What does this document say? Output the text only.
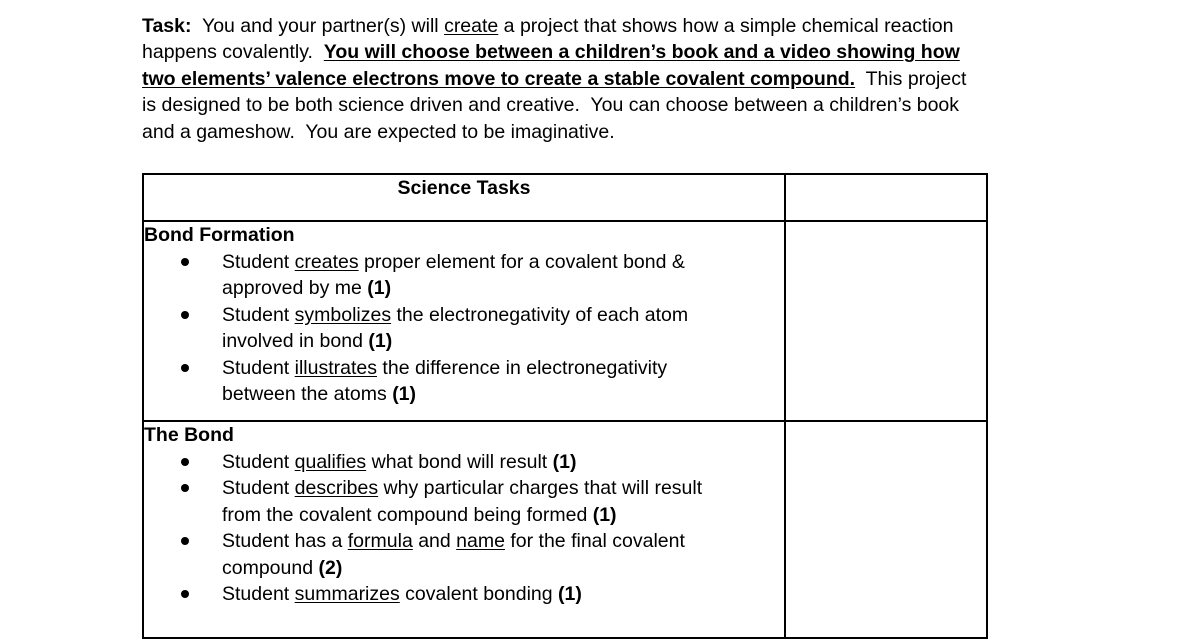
Task:  You and your partner(s) will create a project that shows how a simple chemical reaction
happens covalently.  You will choose between a children’s book and a video showing how
two elements’ valence electrons move to create a stable covalent compound.  This project
is designed to be both science driven and creative.  You can choose between a children’s book
and a gameshow.  You are expected to be imaginative.
Science Tasks	

Bond Formation
Student creates proper element for a covalent bond &
approved by me (1)
Student symbolizes the electronegativity of each atom
involved in bond (1)
Student illustrates the difference in electronegativity
between the atoms (1)

The Bond
Student qualifies what bond will result (1)
Student describes why particular charges that will result
from the covalent compound being formed (1)
Student has a formula and name for the final covalent
compound (2)
Student summarizes covalent bonding (1)
